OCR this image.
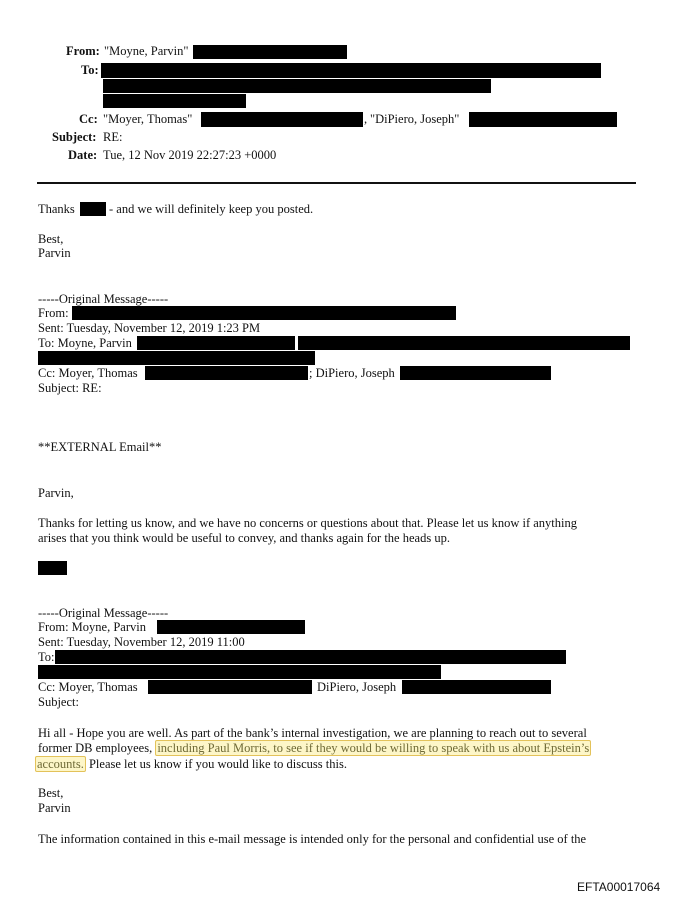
From: "Moyne, Parvin"
To:
Cc: "Moyer, Thomas"	, "DiPiero, Joseph"
Subject: RE:
Date: Tue, 12 Nov 2019 22:27:23 +0000
Thanks	- and we will definitely keep you posted.
Best,
Parvin
-----Original Message-----
From:
Sent: Tuesday, November 12, 2019 1:23 PM
To: Moyne, Parvin
Cc: Moyer, Thomas	; DiPiero, Joseph
Subject: RE:
**EXTERNAL Email**
Parvin,
Thanks for letting us know, and we have no concerns or questions about that. Please let us know if anything
arises that you think would be useful to convey, and thanks again for the heads up.
-----Original Message-----
From: Moyne, Parvin
Sent: Tuesday, November 12, 2019 11:00
To:
Cc: Moyer, Thomas	DiPiero, Joseph
Subject:
Hi all - Hope you are well. As part of the bank’s internal investigation, we are planning to reach out to several
former DB employees, including Paul Morris, to see if they would be willing to speak with us about Epstein’s
accounts. Please let us know if you would like to discuss this.
Best,
Parvin
The information contained in this e-mail message is intended only for the personal and confidential use of the
EFTA00017064
